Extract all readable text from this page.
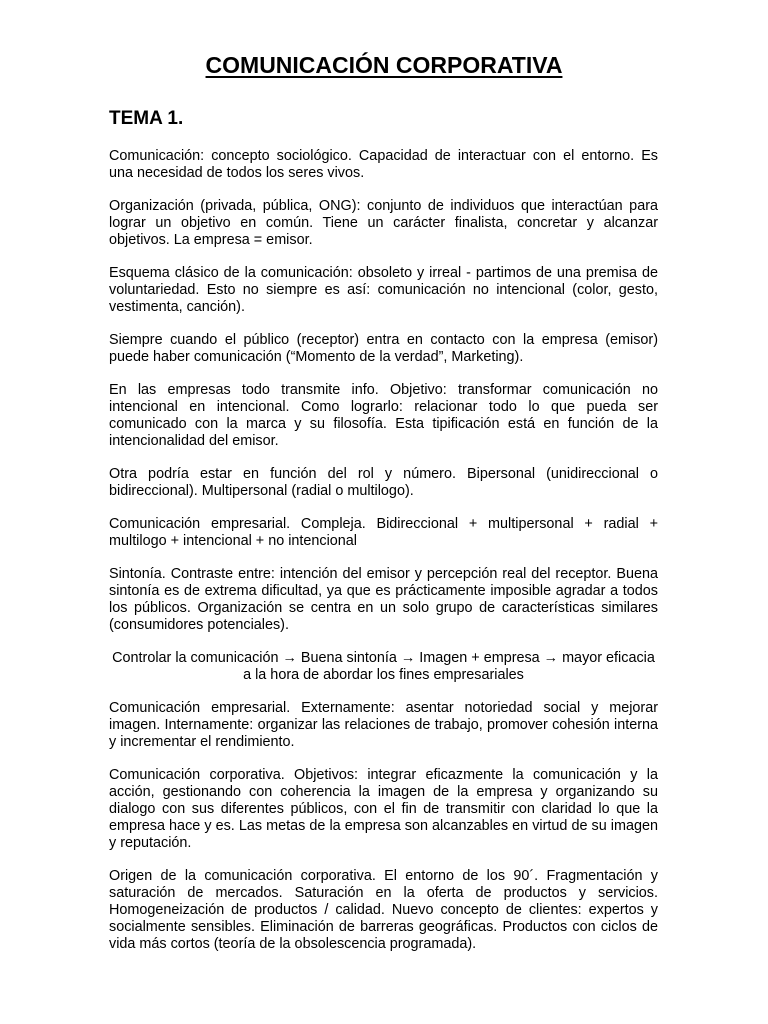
COMUNICACIÓN CORPORATIVA
TEMA 1.

Comunicación: concepto sociológico. Capacidad de interactuar con el entorno. Es una necesidad de todos los seres vivos.

Organización (privada, pública, ONG): conjunto de individuos que interactúan para lograr un objetivo en común. Tiene un carácter finalista, concretar y alcanzar objetivos. La empresa = emisor.

Esquema clásico de la comunicación: obsoleto y irreal - partimos de una premisa de voluntariedad. Esto no siempre es así: comunicación no intencional (color, gesto, vestimenta, canción).

Siempre cuando el público (receptor) entra en contacto con la empresa (emisor) puede haber comunicación (“Momento de la verdad”, Marketing).

En las empresas todo transmite info. Objetivo: transformar comunicación no intencional en intencional. Como lograrlo: relacionar todo lo que pueda ser comunicado con la marca y su filosofía. Esta tipificación está en función de la intencionalidad del emisor.

Otra podría estar en función del rol y número. Bipersonal (unidireccional o bidireccional). Multipersonal (radial o multilogo).

Comunicación empresarial. Compleja. Bidireccional + multipersonal + radial + multilogo + intencional + no intencional

Sintonía. Contraste entre: intención del emisor y percepción real del receptor. Buena sintonía es de extrema dificultad, ya que es prácticamente imposible agradar a todos los públicos. Organización se centra en un solo grupo de características similares (consumidores potenciales).

Controlar la comunicación → Buena sintonía → Imagen + empresa → mayor eficacia a la hora de abordar los fines empresariales

Comunicación empresarial. Externamente: asentar notoriedad social y mejorar imagen. Internamente: organizar las relaciones de trabajo, promover cohesión interna y incrementar el rendimiento.

Comunicación corporativa. Objetivos: integrar eficazmente la comunicación y la acción, gestionando con coherencia la imagen de la empresa y organizando su dialogo con sus diferentes públicos, con el fin de transmitir con claridad lo que la empresa hace y es. Las metas de la empresa son alcanzables en virtud de su imagen y reputación.

Origen de la comunicación corporativa. El entorno de los 90´. Fragmentación y saturación de mercados. Saturación en la oferta de productos y servicios. Homogeneización de productos / calidad. Nuevo concepto de clientes: expertos y socialmente sensibles. Eliminación de barreras geográficas. Productos con ciclos de vida más cortos (teoría de la obsolescencia programada).
